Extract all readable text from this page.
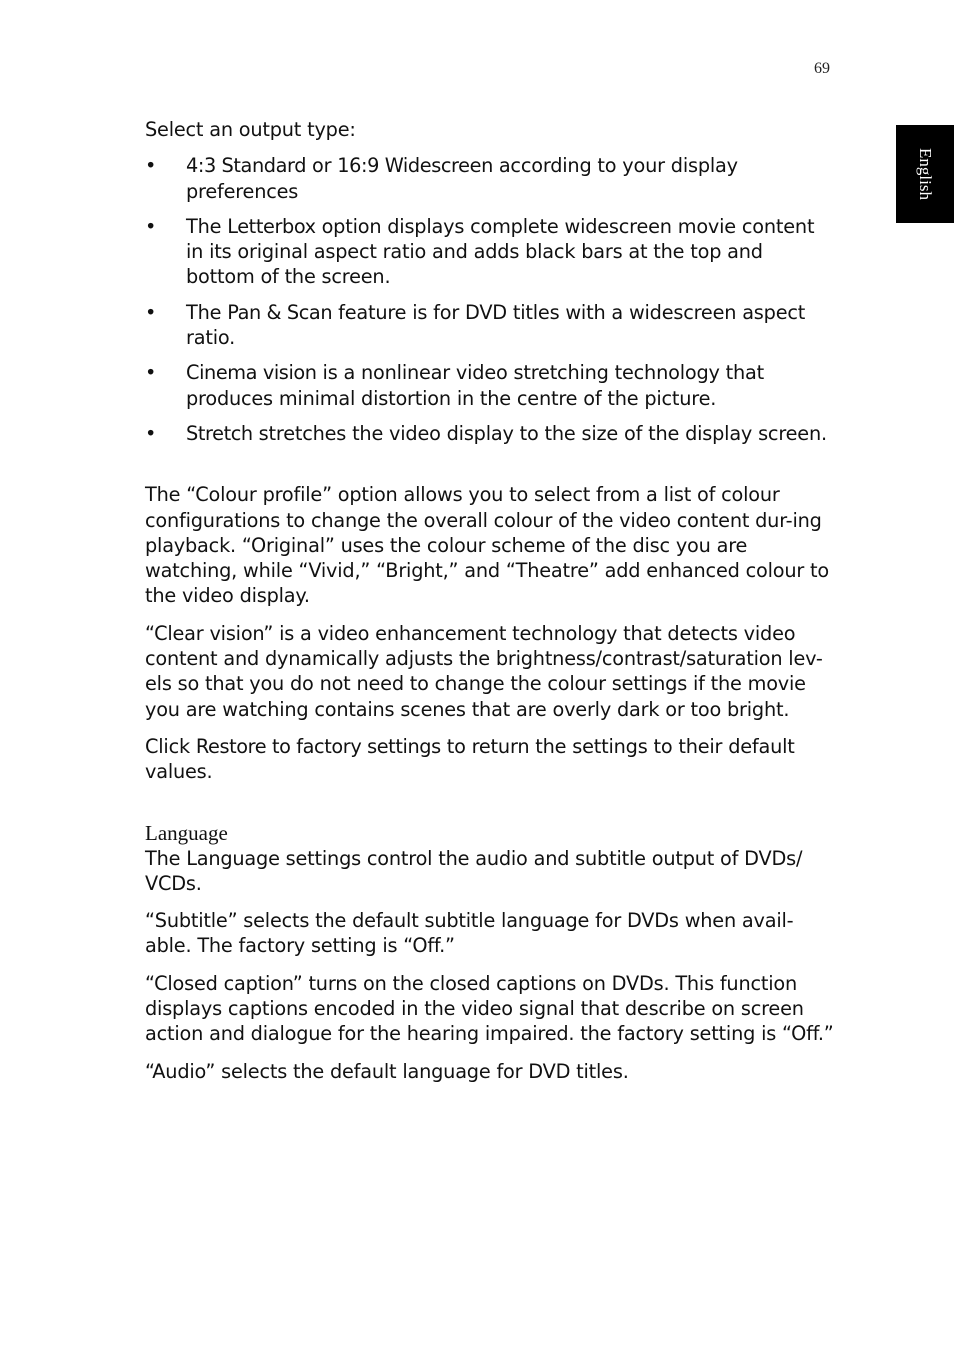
69
English

Select an output type:

• 4:3 Standard or 16:9 Widescreen according to your display preferences
• The Letterbox option displays complete widescreen movie content in its original aspect ratio and adds black bars at the top and bottom of the screen.
• The Pan & Scan feature is for DVD titles with a widescreen aspect ratio.
• Cinema vision is a nonlinear video stretching technology that produces minimal distortion in the centre of the picture.
• Stretch stretches the video display to the size of the display screen.

The “Colour profile” option allows you to select from a list of colour configurations to change the overall colour of the video content dur-ing playback. “Original” uses the colour scheme of the disc you are watching, while “Vivid,” “Bright,” and “Theatre” add enhanced colour to the video display.

“Clear vision” is a video enhancement technology that detects video content and dynamically adjusts the brightness/contrast/saturation lev-els so that you do not need to change the colour settings if the movie you are watching contains scenes that are overly dark or too bright.

Click Restore to factory settings to return the settings to their default values.

Language

The Language settings control the audio and subtitle output of DVDs/ VCDs.

“Subtitle” selects the default subtitle language for DVDs when avail-able. The factory setting is “Off.”

“Closed caption” turns on the closed captions on DVDs. This function displays captions encoded in the video signal that describe on screen action and dialogue for the hearing impaired. the factory setting is “Off.”

“Audio” selects the default language for DVD titles.
